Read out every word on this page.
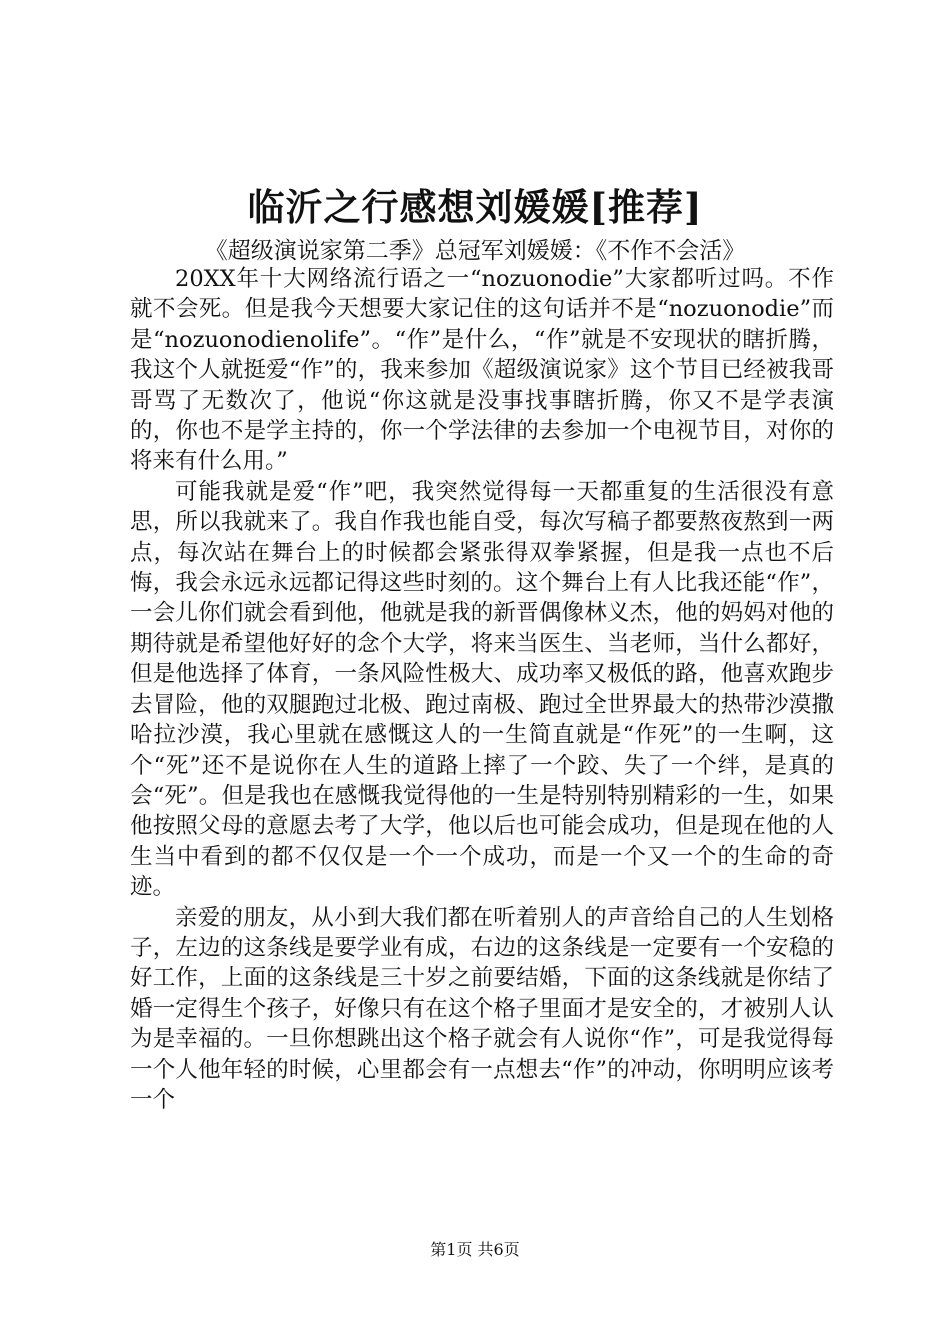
临沂之行感想刘媛媛[推荐]

《超级演说家第二季》总冠军刘媛媛：《不作不会活》

20XX年十大网络流行语之一“nozuonodie”大家都听过吗。不作就不会死。但是我今天想要大家记住的这句话并不是“nozuonodie”而是“nozuonodienolife”。“作”是什么，“作”就是不安现状的瞎折腾，我这个人就挺爱“作”的，我来参加《超级演说家》这个节目已经被我哥哥骂了无数次了，他说“你这就是没事找事瞎折腾，你又不是学表演的，你也不是学主持的，你一个学法律的去参加一个电视节目，对你的将来有什么用。”

可能我就是爱“作”吧，我突然觉得每一天都重复的生活很没有意思，所以我就来了。我自作我也能自受，每次写稿子都要熬夜熬到一两点，每次站在舞台上的时候都会紧张得双拳紧握，但是我一点也不后悔，我会永远永远都记得这些时刻的。这个舞台上有人比我还能“作”，一会儿你们就会看到他，他就是我的新晋偶像林义杰，他的妈妈对他的期待就是希望他好好的念个大学，将来当医生、当老师，当什么都好，但是他选择了体育，一条风险性极大、成功率又极低的路，他喜欢跑步去冒险，他的双腿跑过北极、跑过南极、跑过全世界最大的热带沙漠撒哈拉沙漠，我心里就在感慨这人的一生简直就是“作死”的一生啊，这个“死”还不是说你在人生的道路上摔了一个跤、失了一个绊，是真的会“死”。但是我也在感慨我觉得他的一生是特别特别精彩的一生，如果他按照父母的意愿去考了大学，他以后也可能会成功，但是现在他的人生当中看到的都不仅仅是一个一个成功，而是一个又一个的生命的奇迹。

亲爱的朋友，从小到大我们都在听着别人的声音给自己的人生划格子，左边的这条线是要学业有成，右边的这条线是一定要有一个安稳的好工作，上面的这条线是三十岁之前要结婚，下面的这条线就是你结了婚一定得生个孩子，好像只有在这个格子里面才是安全的，才被别人认为是幸福的。一旦你想跳出这个格子就会有人说你“作”，可是我觉得每一个人他年轻的时候，心里都会有一点想去“作”的冲动，你明明应该考一个

第1页 共6页
